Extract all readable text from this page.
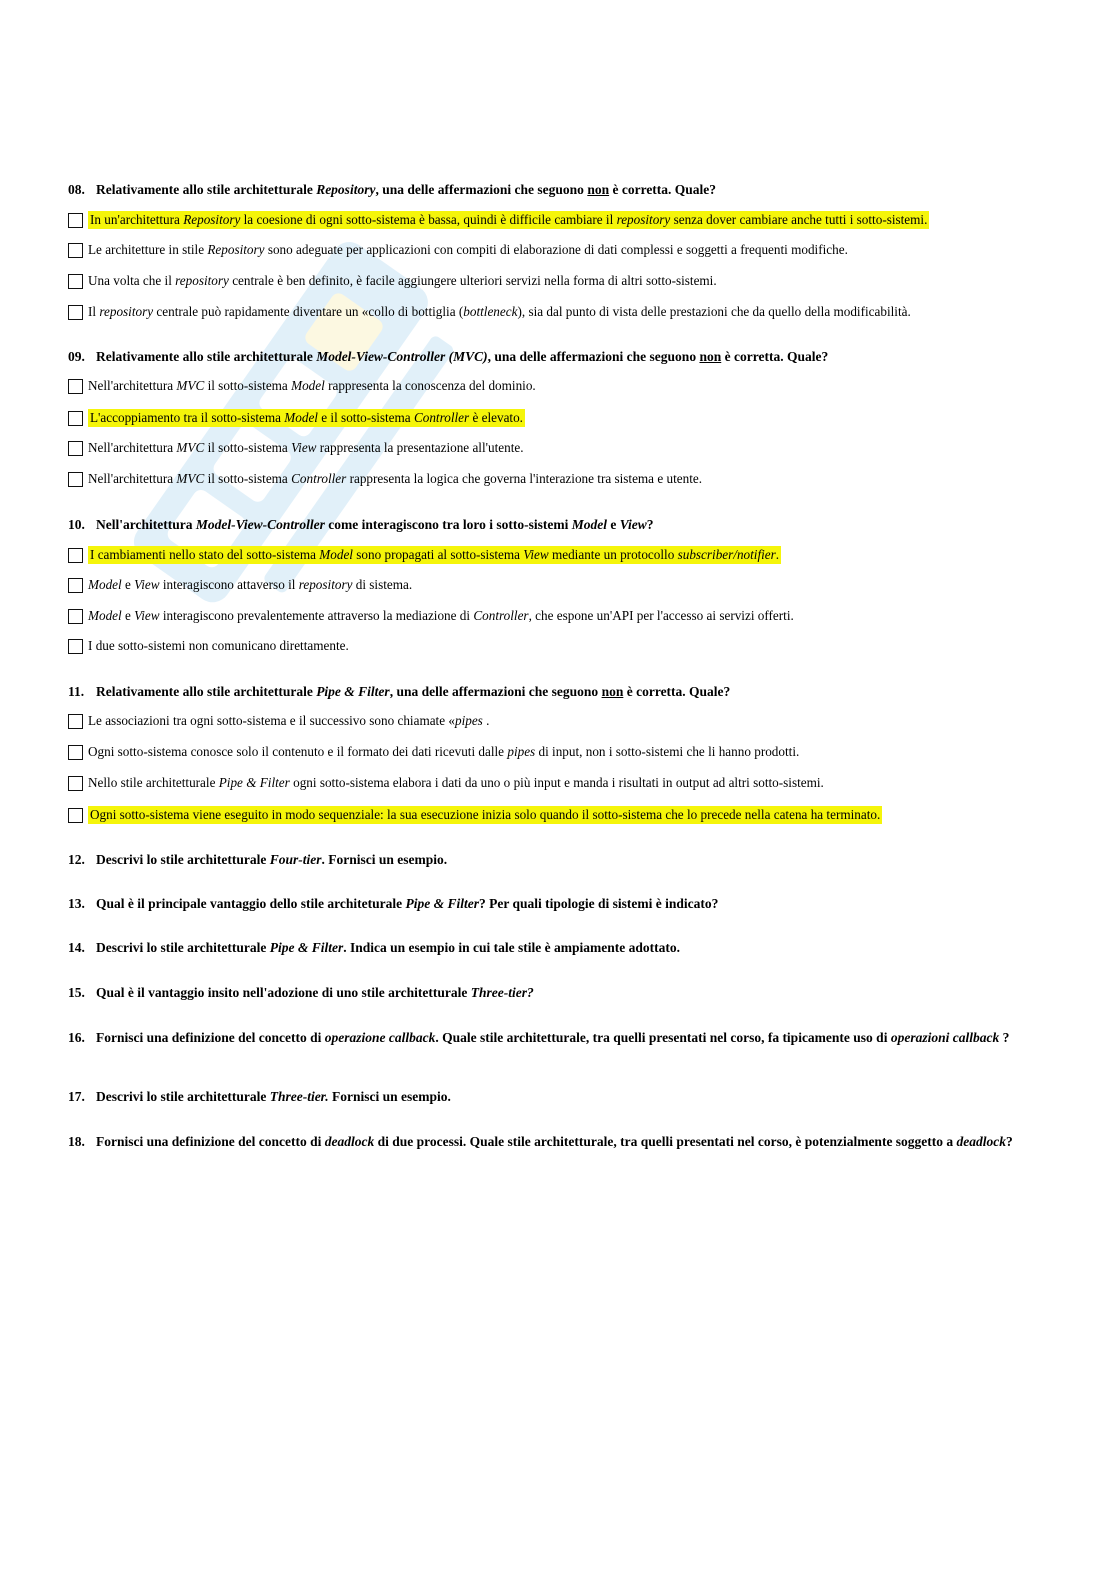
08. Relativamente allo stile architetturale Repository, una delle affermazioni che seguono non è corretta. Quale?
In un'architettura Repository la coesione di ogni sotto-sistema è bassa, quindi è difficile cambiare il repository senza dover cambiare anche tutti i sotto-sistemi.
Le architetture in stile Repository sono adeguate per applicazioni con compiti di elaborazione di dati complessi e soggetti a frequenti modifiche.
Una volta che il repository centrale è ben definito, è facile aggiungere ulteriori servizi nella forma di altri sotto-sistemi.
Il repository centrale può rapidamente diventare un «collo di bottiglia (bottleneck), sia dal punto di vista delle prestazioni che da quello della modificabilità.
09. Relativamente allo stile architetturale Model-View-Controller (MVC), una delle affermazioni che seguono non è corretta. Quale?
Nell'architettura MVC il sotto-sistema Model rappresenta la conoscenza del dominio.
L'accoppiamento tra il sotto-sistema Model e il sotto-sistema Controller è elevato.
Nell'architettura MVC il sotto-sistema View rappresenta la presentazione all'utente.
Nell'architettura MVC il sotto-sistema Controller rappresenta la logica che governa l'interazione tra sistema e utente.
10. Nell'architettura Model-View-Controller come interagiscono tra loro i sotto-sistemi Model e View?
I cambiamenti nello stato del sotto-sistema Model sono propagati al sotto-sistema View mediante un protocollo subscriber/notifier.
Model e View interagiscono attaverso il repository di sistema.
Model e View interagiscono prevalentemente attraverso la mediazione di Controller, che espone un'API per l'accesso ai servizi offerti.
I due sotto-sistemi non comunicano direttamente.
11. Relativamente allo stile architetturale Pipe & Filter, una delle affermazioni che seguono non è corretta. Quale?
Le associazioni tra ogni sotto-sistema e il successivo sono chiamate «pipes .
Ogni sotto-sistema conosce solo il contenuto e il formato dei dati ricevuti dalle pipes di input, non i sotto-sistemi che li hanno prodotti.
Nello stile architetturale Pipe & Filter ogni sotto-sistema elabora i dati da uno o più input e manda i risultati in output ad altri sotto-sistemi.
Ogni sotto-sistema viene eseguito in modo sequenziale: la sua esecuzione inizia solo quando il sotto-sistema che lo precede nella catena ha terminato.
12. Descrivi lo stile architetturale Four-tier. Fornisci un esempio.
13. Qual è il principale vantaggio dello stile architeturale Pipe & Filter? Per quali tipologie di sistemi è indicato?
14. Descrivi lo stile architetturale Pipe & Filter. Indica un esempio in cui tale stile è ampiamente adottato.
15. Qual è il vantaggio insito nell'adozione di uno stile architetturale Three-tier?
16. Fornisci una definizione del concetto di operazione callback. Quale stile architetturale, tra quelli presentati nel corso, fa tipicamente uso di operazioni callback ?
17. Descrivi lo stile architetturale Three-tier. Fornisci un esempio.
18. Fornisci una definizione del concetto di deadlock di due processi. Quale stile architetturale, tra quelli presentati nel corso, è potenzialmente soggetto a deadlock?
